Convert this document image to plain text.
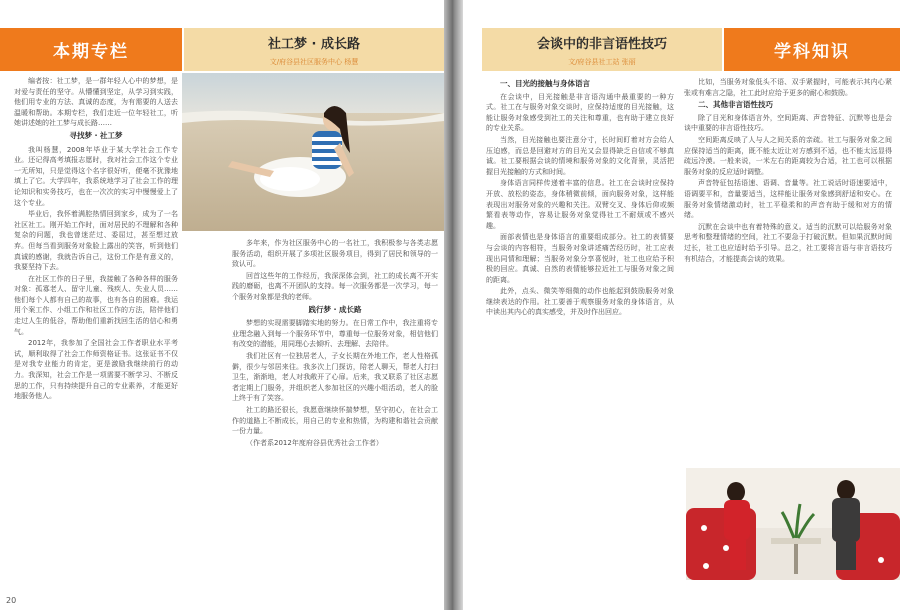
本期专栏	社工梦 · 成长路
文/府谷县社区服务中心 杨慧

编者按：社工梦，是一群年轻人心中的梦想，是对爱与责任的坚守。从懵懂到坚定，从学习到实践，他们用专业的方法、真诚的态度，为有需要的人送去温暖和帮助。本期专栏，我们走近一位年轻社工，听她讲述她的社工梦与成长路……

寻找梦 · 社工梦

我叫杨慧，2008年毕业于某大学社会工作专业。还记得高考填报志愿时，我对社会工作这个专业一无所知，只是觉得这个名字很好听，便毫不犹豫地填上了它。大学四年，我系统地学习了社会工作的理论知识和实务技巧，也在一次次的实习中慢慢爱上了这个专业。

毕业后，我怀着满腔热情回到家乡，成为了一名社区社工。刚开始工作时，面对居民的不理解和各种复杂的问题，我也曾迷茫过、委屈过，甚至想过放弃。但每当看到服务对象脸上露出的笑容，听到他们真诚的感谢，我就告诉自己，这份工作是有意义的，我要坚持下去。

在社区工作的日子里，我接触了各种各样的服务对象：孤寡老人、留守儿童、残疾人、失业人员……他们每个人都有自己的故事，也有各自的困难。我运用个案工作、小组工作和社区工作的方法，陪伴他们走过人生的低谷，帮助他们重新找回生活的信心和勇气。

2012年，我参加了全国社会工作者职业水平考试，顺利取得了社会工作师资格证书。这张证书不仅是对我专业能力的肯定，更是激励我继续前行的动力。我深知，社会工作是一项需要不断学习、不断反思的工作，只有持续提升自己的专业素养，才能更好地服务他人。

多年来，作为社区服务中心的一名社工，我积极参与各类志愿服务活动，组织开展了多项社区服务项目，得到了居民和领导的一致认可。

回首这些年的工作经历，我深深体会到，社工的成长离不开实践的磨砺，也离不开团队的支持。每一次服务都是一次学习，每一个服务对象都是我的老师。

践行梦 · 成长路

梦想的实现需要脚踏实地的努力。在日常工作中，我注重将专业理念融入到每一个服务环节中，尊重每一位服务对象，相信他们有改变的潜能，用同理心去倾听、去理解、去陪伴。

我们社区有一位独居老人，子女长期在外地工作，老人性格孤僻，很少与邻居来往。我多次上门探访，陪老人聊天，帮老人打扫卫生，渐渐地，老人对我敞开了心扉。后来，我又联系了社区志愿者定期上门服务，并组织老人参加社区的兴趣小组活动，老人的脸上终于有了笑容。

社工的路还很长，我愿意继续怀揣梦想，坚守初心，在社会工作的道路上不断成长，用自己的专业和热情，为构建和谐社会贡献一份力量。

（作者系2012年度府谷县优秀社会工作者）

20
会谈中的非言语性技巧
文/府谷县社工站 张丽	学科知识
一、目光的接触与身体语言

在会谈中，目光接触是非言语沟通中最重要的一种方式。社工在与服务对象交谈时，应保持适度的目光接触，这能让服务对象感受到社工的关注和尊重，也有助于建立良好的专业关系。

当然，目光接触也要注意分寸，长时间盯着对方会给人压迫感，而总是回避对方的目光又会显得缺乏自信或不够真诚。社工要根据会谈的情境和服务对象的文化背景，灵活把握目光接触的方式和时间。

身体语言同样传递着丰富的信息。社工在会谈时应保持开放、放松的姿态，身体稍微前倾，面向服务对象，这样能表现出对服务对象的兴趣和关注。双臂交叉、身体后仰或频繁看表等动作，容易让服务对象觉得社工不耐烦或不感兴趣。

面部表情也是身体语言的重要组成部分。社工的表情要与会谈的内容相符，当服务对象讲述痛苦经历时，社工应表现出同情和理解；当服务对象分享喜悦时，社工也应给予积极的回应。真诚、自然的表情能够拉近社工与服务对象之间的距离。

此外，点头、微笑等细微的动作也能起到鼓励服务对象继续表达的作用。社工要善于观察服务对象的身体语言，从中读出其内心的真实感受，并及时作出回应。

比如，当服务对象低头不语、双手紧握时，可能表示其内心紧张或有难言之隐，社工此时应给予更多的耐心和鼓励。

二、其他非言语性技巧

除了目光和身体语言外，空间距离、声音特征、沉默等也是会谈中重要的非言语性技巧。

空间距离反映了人与人之间关系的亲疏。社工与服务对象之间应保持适当的距离，既不能太近让对方感到不适，也不能太远显得疏远冷漠。一般来说，一米左右的距离较为合适，社工也可以根据服务对象的反应适时调整。

声音特征包括语速、语调、音量等。社工说话时语速要适中，语调要平和，音量要适当，这样能让服务对象感到舒适和安心。在服务对象情绪激动时，社工平稳柔和的声音有助于缓和对方的情绪。

沉默在会谈中也有着特殊的意义。适当的沉默可以给服务对象思考和整理情绪的空间，社工不要急于打破沉默。但如果沉默时间过长，社工也应适时给予引导。总之，社工要将言语与非言语技巧有机结合，才能提高会谈的效果。
